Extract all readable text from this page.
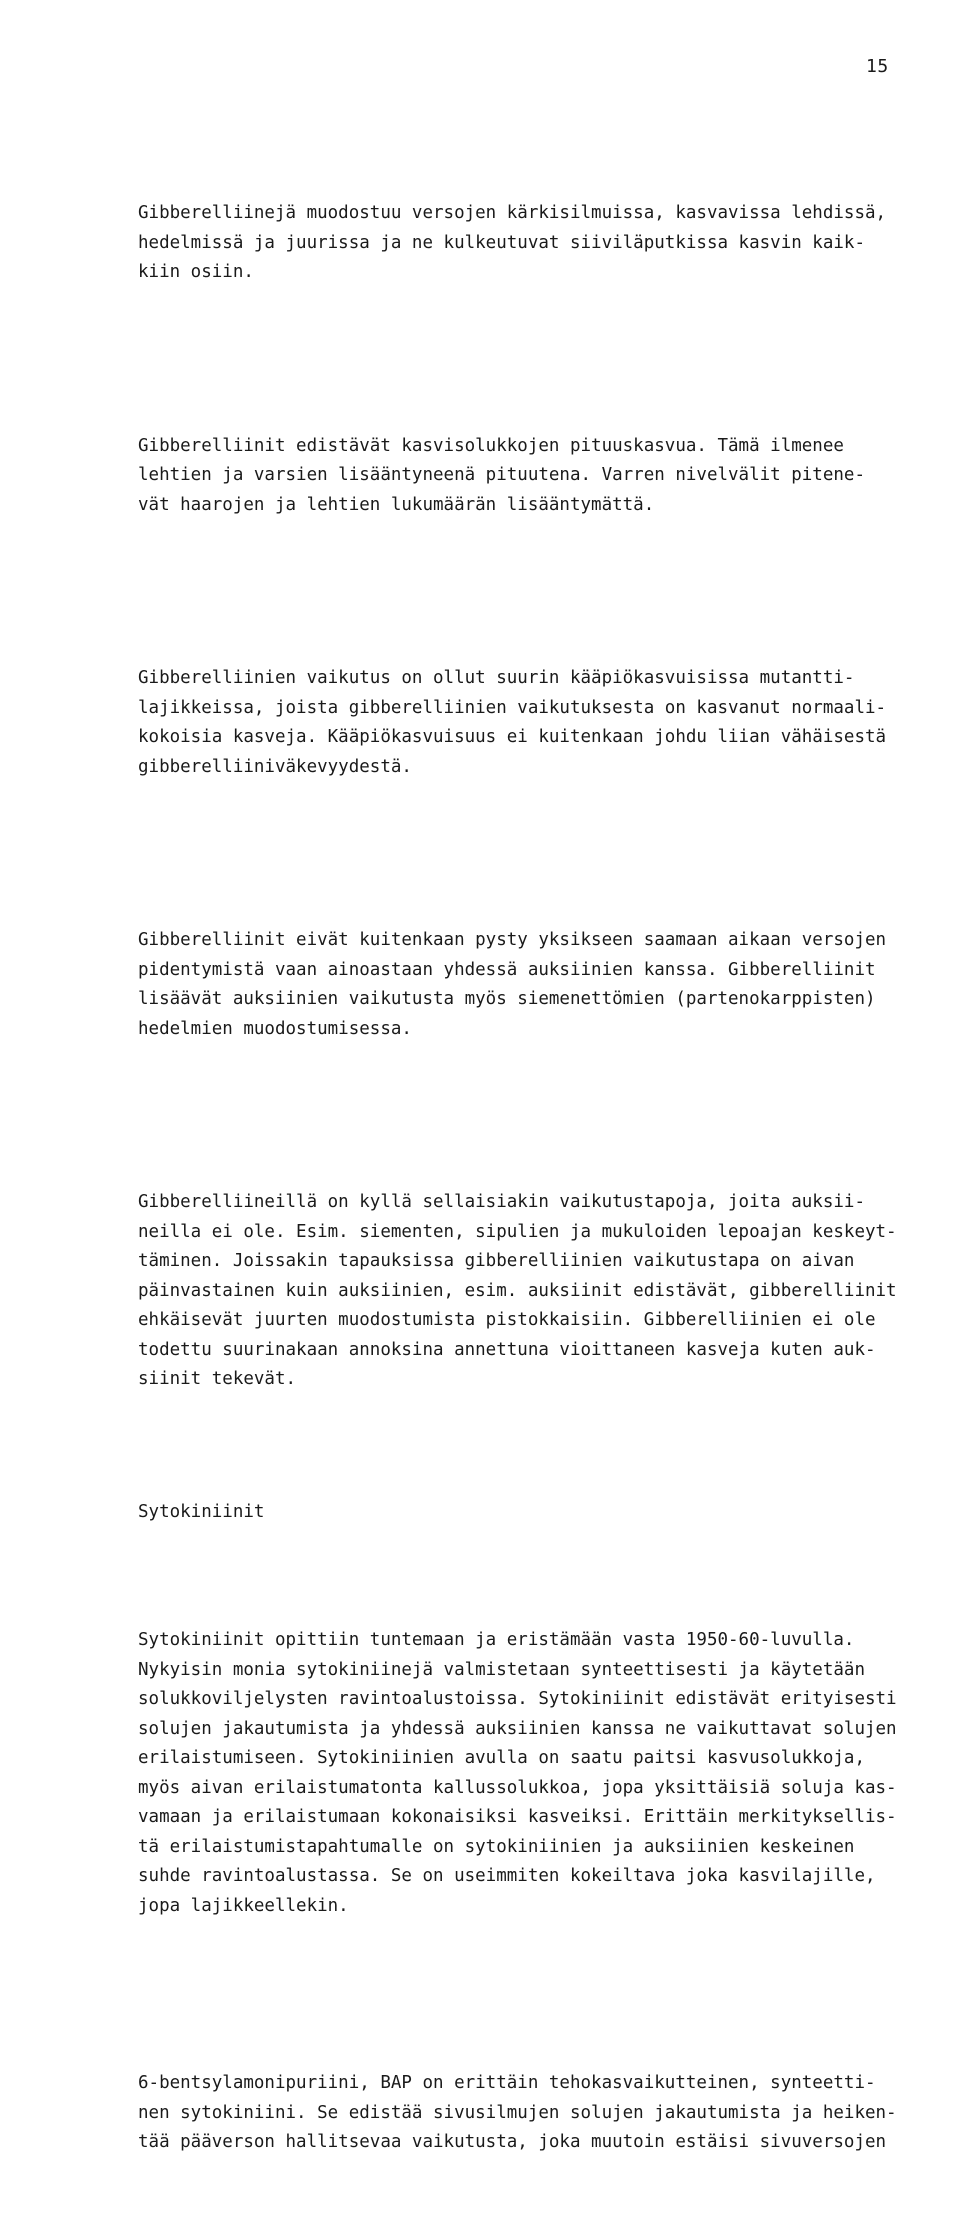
15

Gibberelliinejä muodostuu versojen kärkisilmuissa, kasvavissa lehdissä,
hedelmissä ja juurissa ja ne kulkeutuvat siiviläputkissa kasvin kaik-
kiin osiin.

Gibberelliinit edistävät kasvisolukkojen pituuskasvua. Tämä ilmenee
lehtien ja varsien lisääntyneenä pituutena. Varren nivelvälit pitene-
vät haarojen ja lehtien lukumäärän lisääntymättä.

Gibberelliinien vaikutus on ollut suurin kääpiökasvuisissa mutantti-
lajikkeissa, joista gibberelliinien vaikutuksesta on kasvanut normaali-
kokoisia kasveja. Kääpiökasvuisuus ei kuitenkaan johdu liian vähäisestä
gibberelliiniväkevyydestä.

Gibberelliinit eivät kuitenkaan pysty yksikseen saamaan aikaan versojen
pidentymistä vaan ainoastaan yhdessä auksiinien kanssa. Gibberelliinit
lisäävät auksiinien vaikutusta myös siemenettömien (partenokarppisten)
hedelmien muodostumisessa.

Gibberelliineillä on kyllä sellaisiakin vaikutustapoja, joita auksii-
neilla ei ole. Esim. siementen, sipulien ja mukuloiden lepoajan keskeyt-
täminen. Joissakin tapauksissa gibberelliinien vaikutustapa on aivan
päinvastainen kuin auksiinien, esim. auksiinit edistävät, gibberelliinit
ehkäisevät juurten muodostumista pistokkaisiin. Gibberelliinien ei ole
todettu suurinakaan annoksina annettuna vioittaneen kasveja kuten auk-
siinit tekevät.

Sytokiniinit

Sytokiniinit opittiin tuntemaan ja eristämään vasta 1950-60-luvulla.
Nykyisin monia sytokiniinejä valmistetaan synteettisesti ja käytetään
solukkoviljelysten ravintoalustoissa. Sytokiniinit edistävät erityisesti
solujen jakautumista ja yhdessä auksiinien kanssa ne vaikuttavat solujen
erilaistumiseen. Sytokiniinien avulla on saatu paitsi kasvusolukkoja,
myös aivan erilaistumatonta kallussolukkoa, jopa yksittäisiä soluja kas-
vamaan ja erilaistumaan kokonaisiksi kasveiksi. Erittäin merkityksellis-
tä erilaistumistapahtumalle on sytokiniinien ja auksiinien keskeinen
suhde ravintoalustassa. Se on useimmiten kokeiltava joka kasvilajille,
jopa lajikkeellekin.

6-bentsylamonipuriini, BAP on erittäin tehokasvaikutteinen, synteetti-
nen sytokiniini. Se edistää sivusilmujen solujen jakautumista ja heiken-
tää pääverson hallitsevaa vaikutusta, joka muutoin estäisi sivuversojen
